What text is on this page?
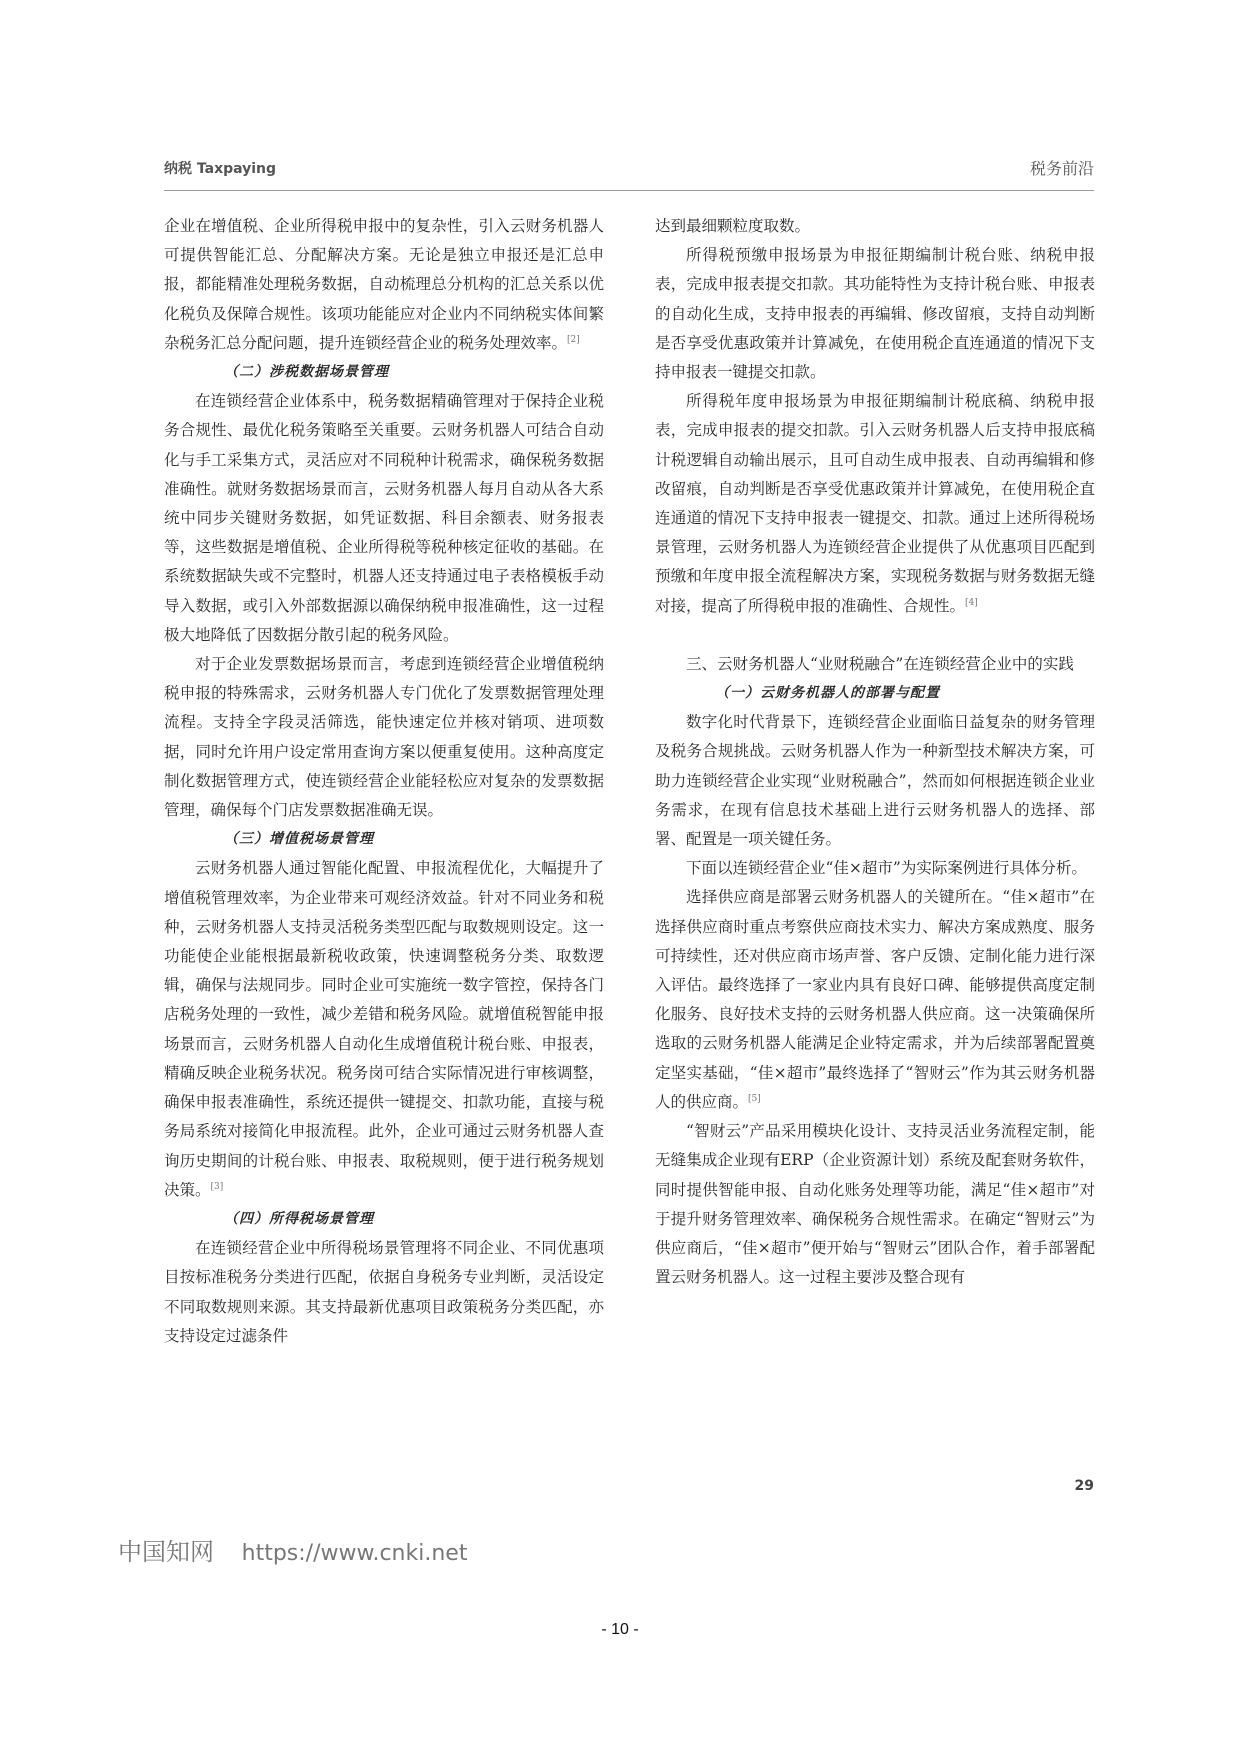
纳税 Taxpaying	税务前沿

企业在增值税、企业所得税申报中的复杂性，引入云财务机器人可提供智能汇总、分配解决方案。无论是独立申报还是汇总申报，都能精准处理税务数据，自动梳理总分机构的汇总关系以优化税负及保障合规性。该项功能能应对企业内不同纳税实体间繁杂税务汇总分配问题，提升连锁经营企业的税务处理效率。[2]

（二）涉税数据场景管理

在连锁经营企业体系中，税务数据精确管理对于保持企业税务合规性、最优化税务策略至关重要。云财务机器人可结合自动化与手工采集方式，灵活应对不同税种计税需求，确保税务数据准确性。就财务数据场景而言，云财务机器人每月自动从各大系统中同步关键财务数据，如凭证数据、科目余额表、财务报表等，这些数据是增值税、企业所得税等税种核定征收的基础。在系统数据缺失或不完整时，机器人还支持通过电子表格模板手动导入数据，或引入外部数据源以确保纳税申报准确性，这一过程极大地降低了因数据分散引起的税务风险。

对于企业发票数据场景而言，考虑到连锁经营企业增值税纳税申报的特殊需求，云财务机器人专门优化了发票数据管理处理流程。支持全字段灵活筛选，能快速定位并核对销项、进项数据，同时允许用户设定常用查询方案以便重复使用。这种高度定制化数据管理方式，使连锁经营企业能轻松应对复杂的发票数据管理，确保每个门店发票数据准确无误。

（三）增值税场景管理

云财务机器人通过智能化配置、申报流程优化，大幅提升了增值税管理效率，为企业带来可观经济效益。针对不同业务和税种，云财务机器人支持灵活税务类型匹配与取数规则设定。这一功能使企业能根据最新税收政策，快速调整税务分类、取数逻辑，确保与法规同步。同时企业可实施统一数字管控，保持各门店税务处理的一致性，减少差错和税务风险。就增值税智能申报场景而言，云财务机器人自动化生成增值税计税台账、申报表，精确反映企业税务状况。税务岗可结合实际情况进行审核调整，确保申报表准确性，系统还提供一键提交、扣款功能，直接与税务局系统对接简化申报流程。此外，企业可通过云财务机器人查询历史期间的计税台账、申报表、取税规则，便于进行税务规划决策。[3]

（四）所得税场景管理

在连锁经营企业中所得税场景管理将不同企业、不同优惠项目按标准税务分类进行匹配，依据自身税务专业判断，灵活设定不同取数规则来源。其支持最新优惠项目政策税务分类匹配，亦支持设定过滤条件

达到最细颗粒度取数。

所得税预缴申报场景为申报征期编制计税台账、纳税申报表，完成申报表提交扣款。其功能特性为支持计税台账、申报表的自动化生成，支持申报表的再编辑、修改留痕，支持自动判断是否享受优惠政策并计算减免，在使用税企直连通道的情况下支持申报表一键提交扣款。

所得税年度申报场景为申报征期编制计税底稿、纳税申报表，完成申报表的提交扣款。引入云财务机器人后支持申报底稿计税逻辑自动输出展示，且可自动生成申报表、自动再编辑和修改留痕，自动判断是否享受优惠政策并计算减免，在使用税企直连通道的情况下支持申报表一键提交、扣款。通过上述所得税场景管理，云财务机器人为连锁经营企业提供了从优惠项目匹配到预缴和年度申报全流程解决方案，实现税务数据与财务数据无缝对接，提高了所得税申报的准确性、合规性。[4]

三、云财务机器人“业财税融合”在连锁经营企业中的实践

（一）云财务机器人的部署与配置

数字化时代背景下，连锁经营企业面临日益复杂的财务管理及税务合规挑战。云财务机器人作为一种新型技术解决方案，可助力连锁经营企业实现“业财税融合”，然而如何根据连锁企业业务需求，在现有信息技术基础上进行云财务机器人的选择、部署、配置是一项关键任务。

下面以连锁经营企业“佳×超市”为实际案例进行具体分析。

选择供应商是部署云财务机器人的关键所在。“佳×超市”在选择供应商时重点考察供应商技术实力、解决方案成熟度、服务可持续性，还对供应商市场声誉、客户反馈、定制化能力进行深入评估。最终选择了一家业内具有良好口碑、能够提供高度定制化服务、良好技术支持的云财务机器人供应商。这一决策确保所选取的云财务机器人能满足企业特定需求，并为后续部署配置奠定坚实基础，“佳×超市”最终选择了“智财云”作为其云财务机器人的供应商。[5]

“智财云”产品采用模块化设计、支持灵活业务流程定制，能无缝集成企业现有ERP（企业资源计划）系统及配套财务软件，同时提供智能申报、自动化账务处理等功能，满足“佳×超市”对于提升财务管理效率、确保税务合规性需求。在确定“智财云”为供应商后，“佳×超市”便开始与“智财云”团队合作，着手部署配置云财务机器人。这一过程主要涉及整合现有

29
中国知网 https://www.cnki.net
- 10 -
